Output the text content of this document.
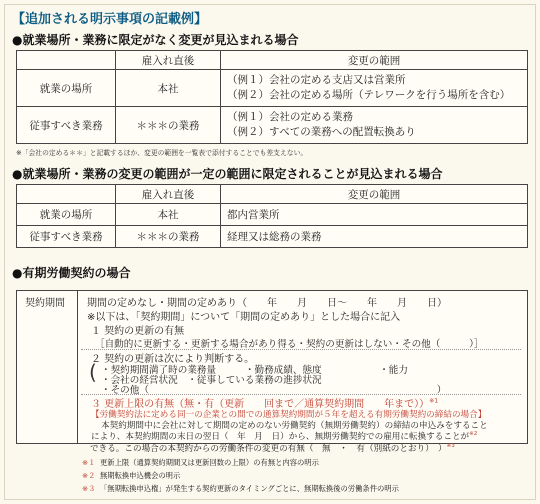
【追加される明示事項の記載例】
●就業場所・業務に限定がなく変更が見込まれる場合
	雇入れ直後	変更の範囲
就業の場所	本社	（例１）会社の定める支店又は営業所
（例２）会社の定める場所（テレワークを行う場所を含む）

従事すべき業務	＊＊＊の業務	（例１）会社の定める業務
（例２）すべての業務への配置転換あり
※「会社の定める＊＊」と記載するほか、変更の範囲を一覧表で添付することでも差支えない。
●就業場所・業務の変更の範囲が一定の範囲に限定されることが見込まれる場合
	雇入れ直後	変更の範囲
就業の場所	本社	都内営業所
従事すべき業務	＊＊＊の業務	経理又は総務の業務
●有期労働契約の場合
契約期間 期間の定めなし・期間の定めあり（　　年　　月　　日～　　年　　月　　日）
※以下は、「契約期間」について「期間の定めあり」とした場合に記入
１ 契約の更新の有無
［自動的に更新する・更新する場合があり得る・契約の更新はしない・その他（　　　）］
２ 契約の更新は次により判断する。
( ・契約期間満了時の業務量　　　・勤務成績、態度　　　　　　・能力
・会社の経営状況　・従事している業務の進捗状況
・その他（　　　　　　　　　　　　　　　　　　　　　　　　　　　　　　）
３ 更新上限の有無（無・有（更新　　回まで／通算契約期間　　年まで））$^{※1}$
【労働契約法に定める同一の企業との間での通算契約期間が５年を超える有期労働契約の締結の場合】
本契約期間中に会社に対して期間の定めのない労働契約（無期労働契約）の締結の申込みをすること
により、本契約期間の末日の翌日（　年　月　日）から、無期労働契約での雇用に転換することが$^{※2}$
できる。この場合の本契約からの労働条件の変更の有無（　無　・　有（別紙のとおり）　）$^{※3}$
※１ 更新上限（通算契約期間又は更新回数の上限）の有無と内容の明示
※２ 無期転換申込機会の明示
※３ 「無期転換申込権」が発生する契約更新のタイミングごとに、無期転換後の労働条件の明示
